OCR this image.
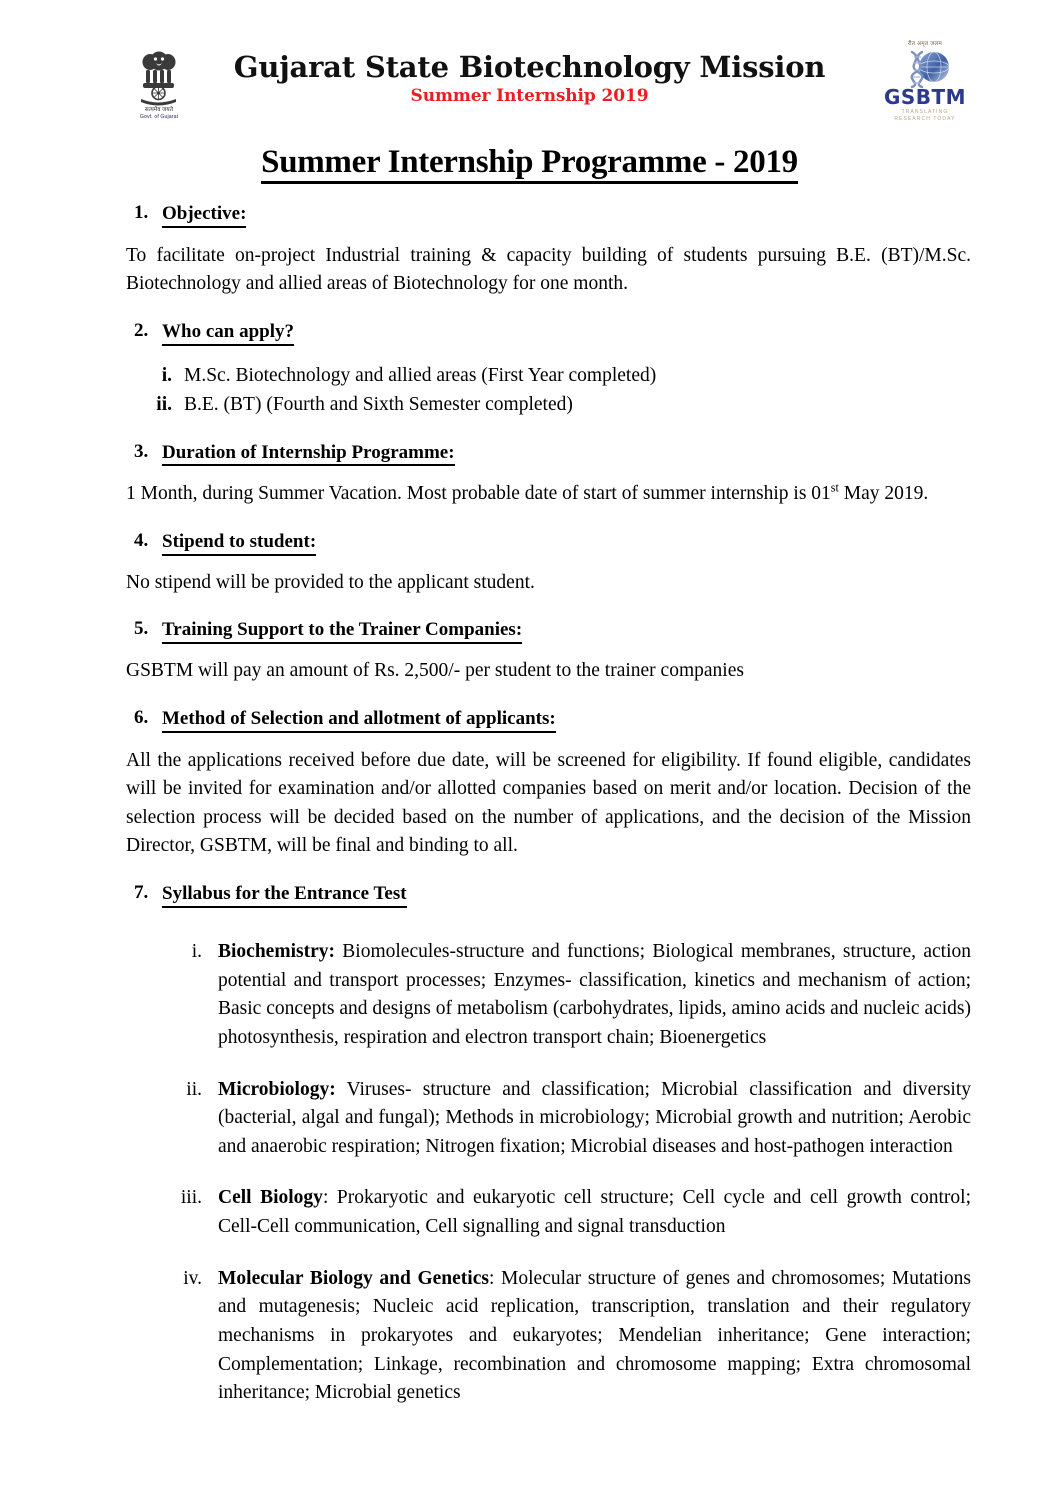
सत्यमेव जयते
Govt. of Gujarat
Gujarat State Biotechnology Mission
Summer Internship 2019
रीत अमृत जलम
GSBTM
TRANSLATING
RESEARCH TODAY
Summer Internship Programme - 2019
1. Objective:

To facilitate on-project Industrial training & capacity building of students pursuing B.E. (BT)/M.Sc. Biotechnology and allied areas of Biotechnology for one month.

2. Who can apply?
i. M.Sc. Biotechnology and allied areas (First Year completed)
ii. B.E. (BT) (Fourth and Sixth Semester completed)
3. Duration of Internship Programme:

1 Month, during Summer Vacation. Most probable date of start of summer internship is 01st May 2019.

4. Stipend to student:

No stipend will be provided to the applicant student.

5. Training Support to the Trainer Companies:

GSBTM will pay an amount of Rs. 2,500/- per student to the trainer companies

6. Method of Selection and allotment of applicants:

All the applications received before due date, will be screened for eligibility. If found eligible, candidates will be invited for examination and/or allotted companies based on merit and/or location. Decision of the selection process will be decided based on the number of applications, and the decision of the Mission Director, GSBTM, will be final and binding to all.

7. Syllabus for the Entrance Test
i. Biochemistry: Biomolecules-structure and functions; Biological membranes, structure, action potential and transport processes; Enzymes- classification, kinetics and mechanism of action; Basic concepts and designs of metabolism (carbohydrates, lipids, amino acids and nucleic acids) photosynthesis, respiration and electron transport chain; Bioenergetics
ii. Microbiology: Viruses- structure and classification; Microbial classification and diversity (bacterial, algal and fungal); Methods in microbiology; Microbial growth and nutrition; Aerobic and anaerobic respiration; Nitrogen fixation; Microbial diseases and host-pathogen interaction
iii. Cell Biology: Prokaryotic and eukaryotic cell structure; Cell cycle and cell growth control; Cell-Cell communication, Cell signalling and signal transduction
iv. Molecular Biology and Genetics: Molecular structure of genes and chromosomes; Mutations and mutagenesis; Nucleic acid replication, transcription, translation and their regulatory mechanisms in prokaryotes and eukaryotes; Mendelian inheritance; Gene interaction; Complementation; Linkage, recombination and chromosome mapping; Extra chromosomal inheritance; Microbial genetics
